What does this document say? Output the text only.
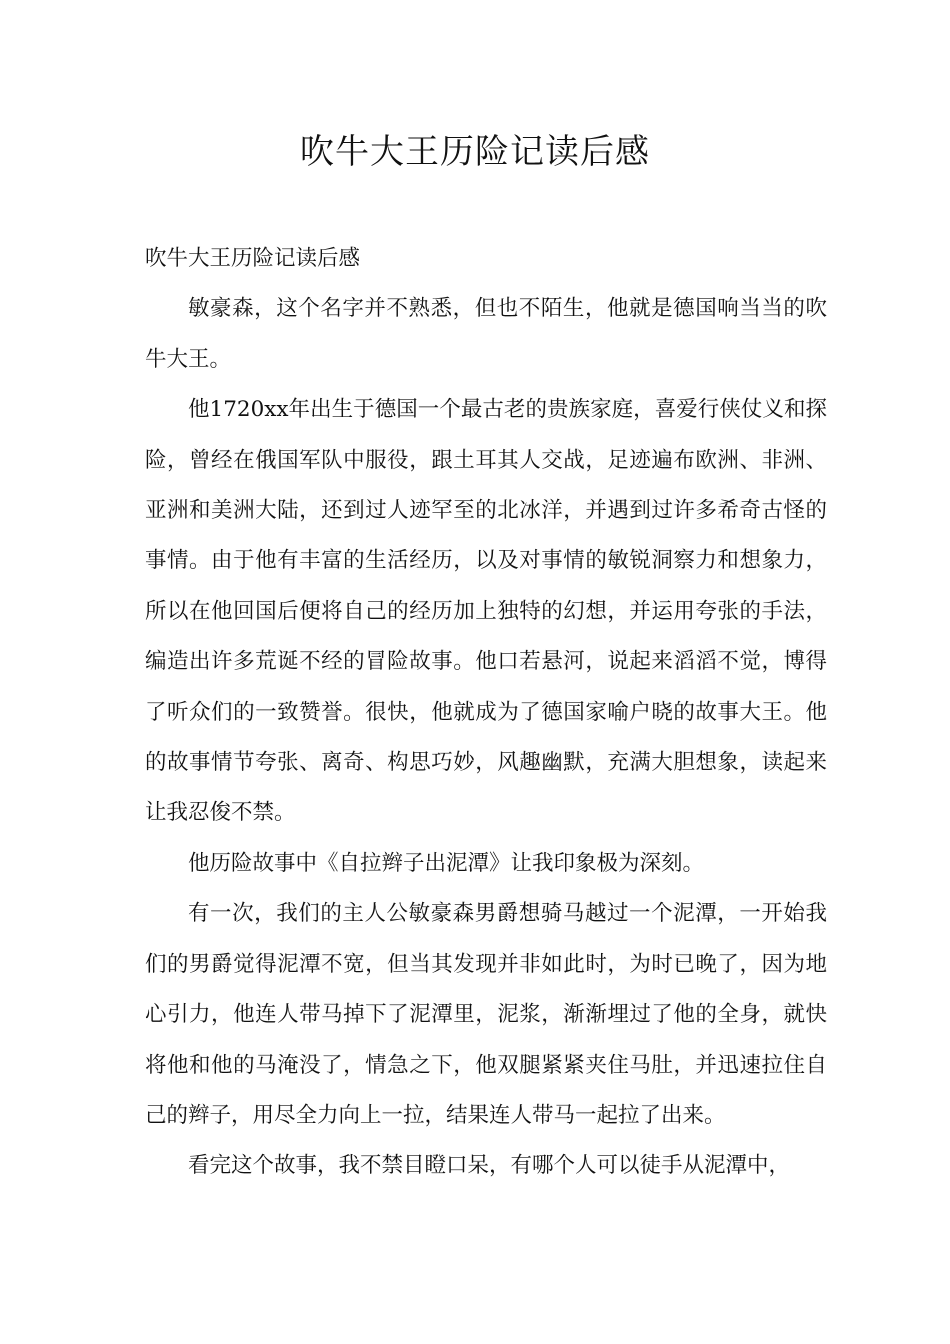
吹牛大王历险记读后感

吹牛大王历险记读后感

敏豪森，这个名字并不熟悉，但也不陌生，他就是德国响当当的吹牛大王。

他1720xx年出生于德国一个最古老的贵族家庭，喜爱行侠仗义和探险，曾经在俄国军队中服役，跟土耳其人交战，足迹遍布欧洲、非洲、亚洲和美洲大陆，还到过人迹罕至的北冰洋，并遇到过许多希奇古怪的事情。由于他有丰富的生活经历，以及对事情的敏锐洞察力和想象力，所以在他回国后便将自己的经历加上独特的幻想，并运用夸张的手法，编造出许多荒诞不经的冒险故事。他口若悬河，说起来滔滔不觉，博得了听众们的一致赞誉。很快，他就成为了德国家喻户晓的故事大王。他的故事情节夸张、离奇、构思巧妙，风趣幽默，充满大胆想象，读起来让我忍俊不禁。

他历险故事中《自拉辫子出泥潭》让我印象极为深刻。

有一次，我们的主人公敏豪森男爵想骑马越过一个泥潭，一开始我们的男爵觉得泥潭不宽，但当其发现并非如此时，为时已晚了，因为地心引力，他连人带马掉下了泥潭里，泥浆，渐渐埋过了他的全身，就快将他和他的马淹没了，情急之下，他双腿紧紧夹住马肚，并迅速拉住自己的辫子，用尽全力向上一拉，结果连人带马一起拉了出来。

看完这个故事，我不禁目瞪口呆，有哪个人可以徒手从泥潭中，
